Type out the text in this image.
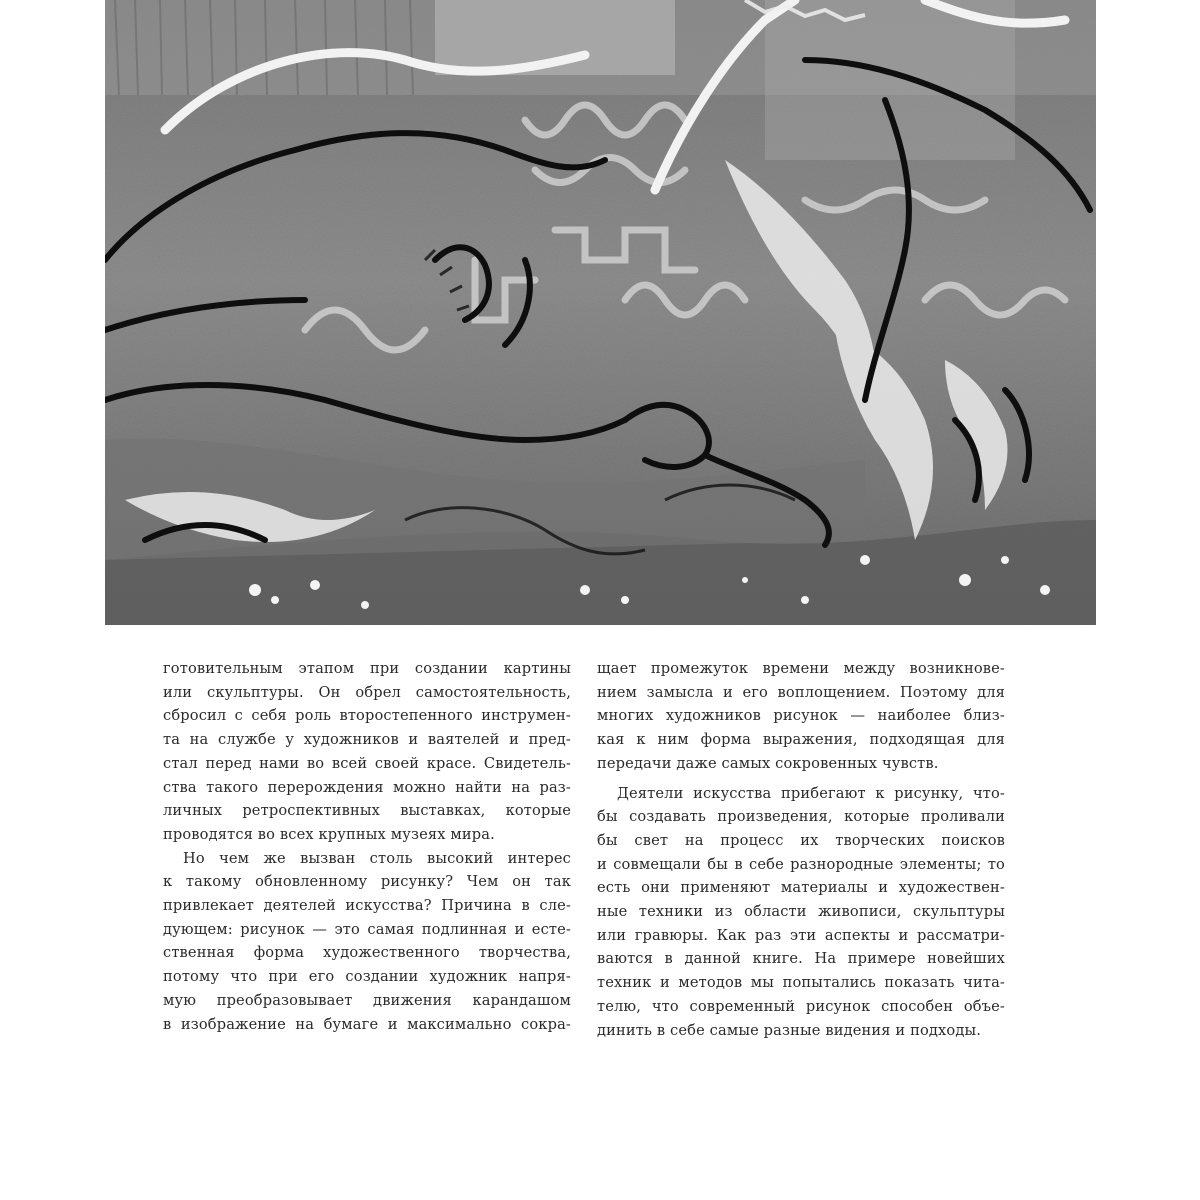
готовительным этапом при создании картины
или скульптуры. Он обрел самостоятельность,
сбросил с себя роль второстепенного инструмен-
та на службе у художников и ваятелей и пред-
стал перед нами во всей своей красе. Свидетель-
ства такого перерождения можно найти на раз-
личных ретроспективных выставках, которые
проводятся во всех крупных музеях мира.

Но чем же вызван столь высокий интерес
к такому обновленному рисунку? Чем он так
привлекает деятелей искусства? Причина в сле-
дующем: рисунок — это самая подлинная и есте-
ственная форма художественного творчества,
потому что при его создании художник напря-
мую преобразовывает движения карандашом
в изображение на бумаге и максимально сокра-

щает промежуток времени между возникнове-
нием замысла и его воплощением. Поэтому для
многих художников рисунок — наиболее близ-
кая к ним форма выражения, подходящая для
передачи даже самых сокровенных чувств.

Деятели искусства прибегают к рисунку, что-
бы создавать произведения, которые проливали
бы свет на процесс их творческих поисков
и совмещали бы в себе разнородные элементы; то
есть они применяют материалы и художествен-
ные техники из области живописи, скульптуры
или гравюры. Как раз эти аспекты и рассматри-
ваются в данной книге. На примере новейших
техник и методов мы попытались показать чита-
телю, что современный рисунок способен объе-
динить в себе самые разные видения и подходы.
